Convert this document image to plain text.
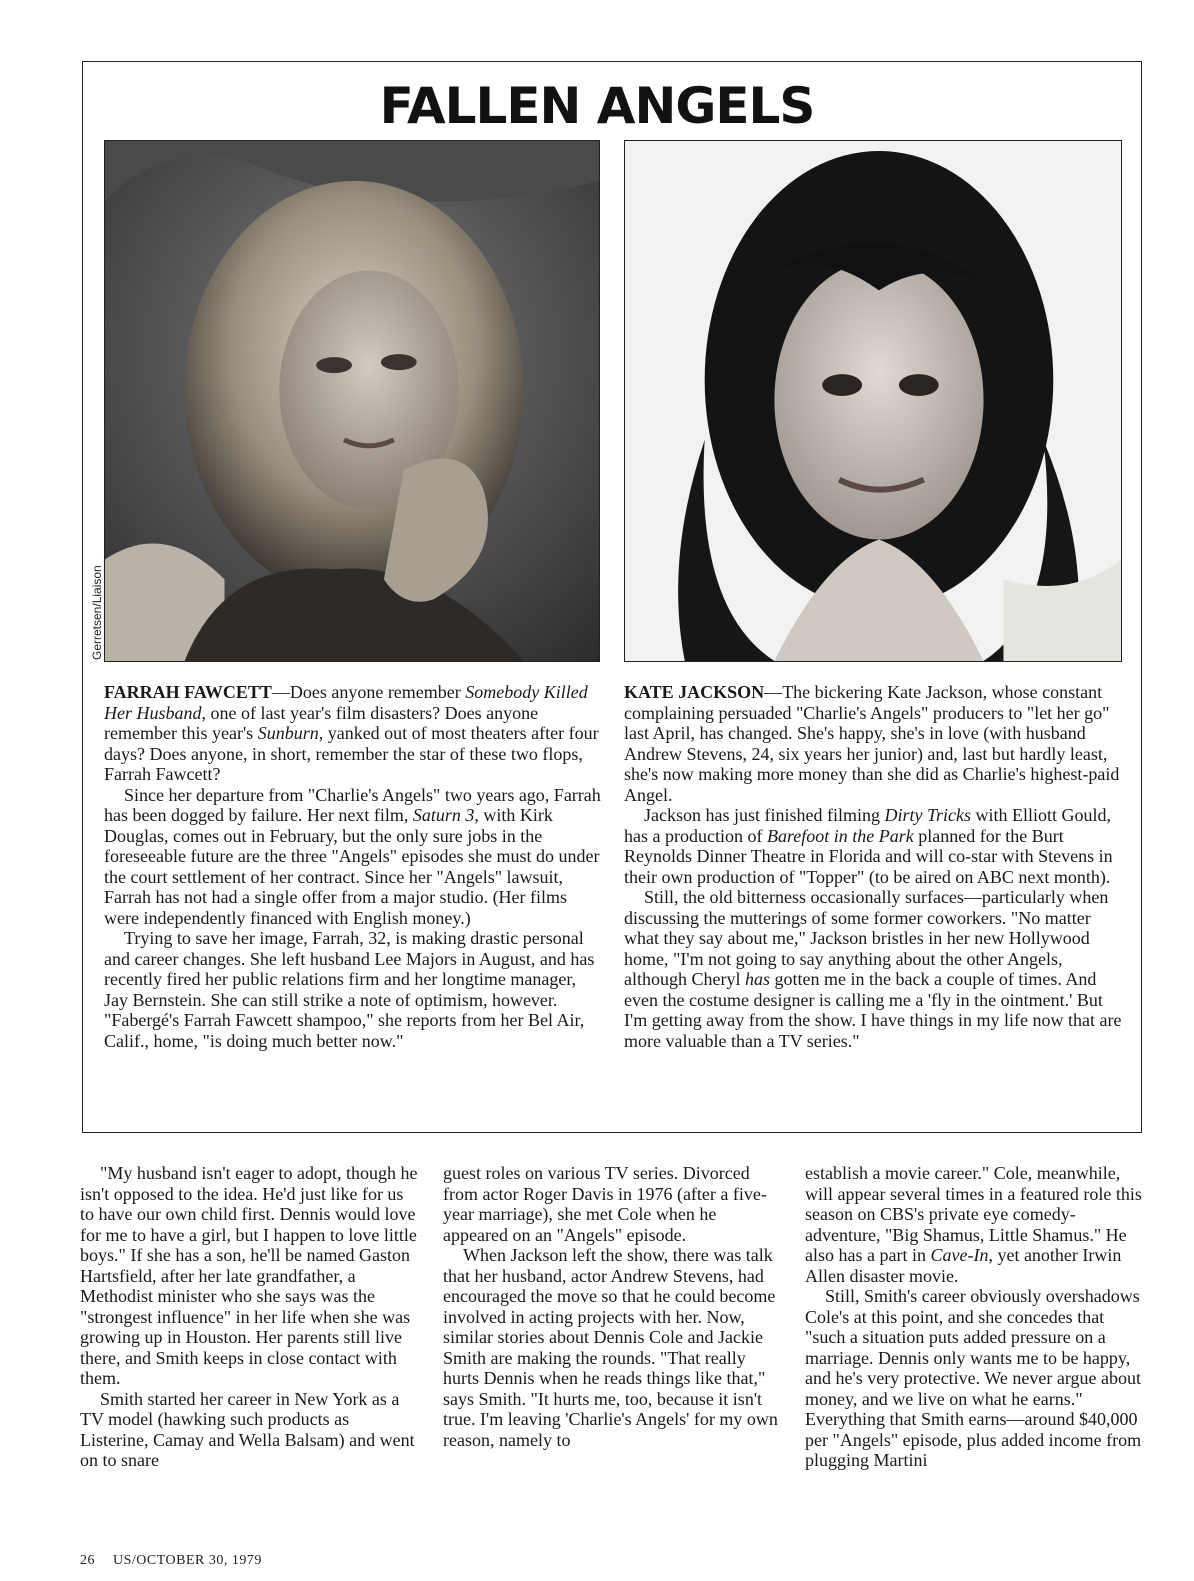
FALLEN ANGELS
Gerretsen/Liaison

FARRAH FAWCETT—Does anyone remember Somebody Killed Her Husband, one of last year's film disasters? Does anyone remember this year's Sunburn, yanked out of most theaters after four days? Does anyone, in short, remember the star of these two flops, Farrah Fawcett?

Since her departure from "Charlie's Angels" two years ago, Farrah has been dogged by failure. Her next film, Saturn 3, with Kirk Douglas, comes out in February, but the only sure jobs in the foreseeable future are the three "Angels" episodes she must do under the court settlement of her contract. Since her "Angels" lawsuit, Farrah has not had a single offer from a major studio. (Her films were independently financed with English money.)

Trying to save her image, Farrah, 32, is making drastic personal and career changes. She left husband Lee Majors in August, and has recently fired her public relations firm and her longtime manager, Jay Bernstein. She can still strike a note of optimism, however. "Fabergé's Farrah Fawcett shampoo," she reports from her Bel Air, Calif., home, "is doing much better now."

KATE JACKSON—The bickering Kate Jackson, whose constant complaining persuaded "Charlie's Angels" producers to "let her go" last April, has changed. She's happy, she's in love (with husband Andrew Stevens, 24, six years her junior) and, last but hardly least, she's now making more money than she did as Charlie's highest-paid Angel.

Jackson has just finished filming Dirty Tricks with Elliott Gould, has a production of Barefoot in the Park planned for the Burt Reynolds Dinner Theatre in Florida and will co-star with Stevens in their own production of "Topper" (to be aired on ABC next month).

Still, the old bitterness occasionally surfaces—particularly when discussing the mutterings of some former coworkers. "No matter what they say about me," Jackson bristles in her new Hollywood home, "I'm not going to say anything about the other Angels, although Cheryl has gotten me in the back a couple of times. And even the costume designer is calling me a 'fly in the ointment.' But I'm getting away from the show. I have things in my life now that are more valuable than a TV series."

"My husband isn't eager to adopt, though he isn't opposed to the idea. He'd just like for us to have our own child first. Dennis would love for me to have a girl, but I happen to love little boys." If she has a son, he'll be named Gaston Hartsfield, after her late grandfather, a Methodist minister who she says was the "strongest influence" in her life when she was growing up in Houston. Her parents still live there, and Smith keeps in close contact with them.

Smith started her career in New York as a TV model (hawking such products as Listerine, Camay and Wella Balsam) and went on to snare

guest roles on various TV series. Divorced from actor Roger Davis in 1976 (after a five-year marriage), she met Cole when he appeared on an "Angels" episode.

When Jackson left the show, there was talk that her husband, actor Andrew Stevens, had encouraged the move so that he could become involved in acting projects with her. Now, similar stories about Dennis Cole and Jackie Smith are making the rounds. "That really hurts Dennis when he reads things like that," says Smith. "It hurts me, too, because it isn't true. I'm leaving 'Charlie's Angels' for my own reason, namely to

establish a movie career." Cole, meanwhile, will appear several times in a featured role this season on CBS's private eye comedy-adventure, "Big Shamus, Little Shamus." He also has a part in Cave-In, yet another Irwin Allen disaster movie.

Still, Smith's career obviously overshadows Cole's at this point, and she concedes that "such a situation puts added pressure on a marriage. Dennis only wants me to be happy, and he's very protective. We never argue about money, and we live on what he earns." Everything that Smith earns—around $40,000 per "Angels" episode, plus added income from plugging Martini

26 US/OCTOBER 30, 1979
